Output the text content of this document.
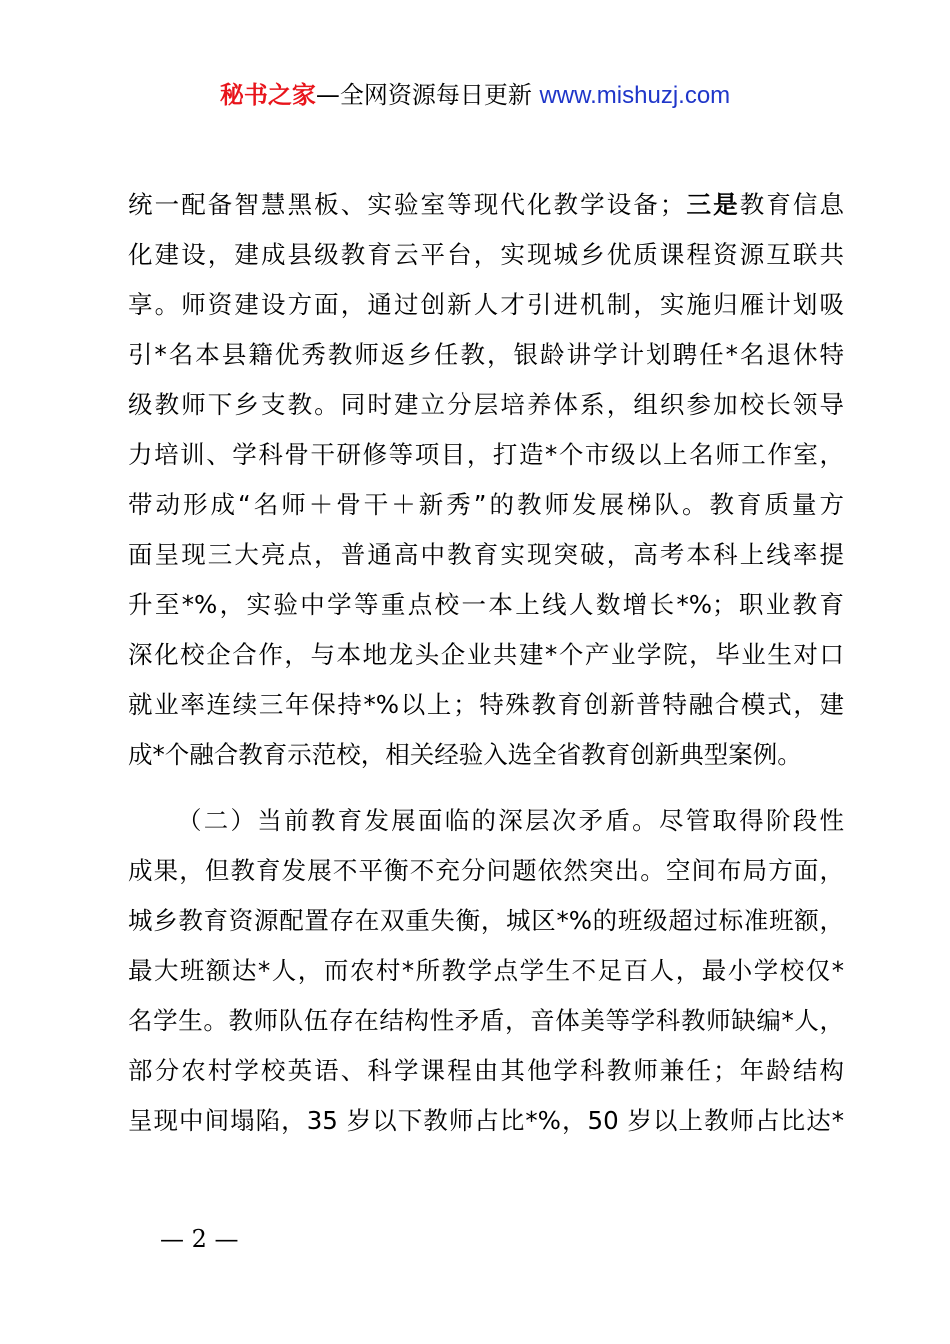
秘书之家—全网资源每日更新 www.mishuzj.com
统一配备智慧黑板、实验室等现代化教学设备；三是教育信息
化建设，建成县级教育云平台，实现城乡优质课程资源互联共
享。师资建设方面，通过创新人才引进机制，实施归雁计划吸
引*名本县籍优秀教师返乡任教，银龄讲学计划聘任*名退休特
级教师下乡支教。同时建立分层培养体系，组织参加校长领导
力培训、学科骨干研修等项目，打造*个市级以上名师工作室，
带动形成“名师＋骨干＋新秀”的教师发展梯队。教育质量方
面呈现三大亮点，普通高中教育实现突破，高考本科上线率提
升至*%，实验中学等重点校一本上线人数增长*%；职业教育
深化校企合作，与本地龙头企业共建*个产业学院，毕业生对口
就业率连续三年保持*%以上；特殊教育创新普特融合模式，建
成*个融合教育示范校，相关经验入选全省教育创新典型案例。
（二）当前教育发展面临的深层次矛盾。尽管取得阶段性
成果，但教育发展不平衡不充分问题依然突出。空间布局方面，
城乡教育资源配置存在双重失衡，城区*%的班级超过标准班额，
最大班额达*人，而农村*所教学点学生不足百人，最小学校仅*
名学生。教师队伍存在结构性矛盾，音体美等学科教师缺编*人，
部分农村学校英语、科学课程由其他学科教师兼任；年龄结构
呈现中间塌陷，35 岁以下教师占比*%，50 岁以上教师占比达*
— 2 —
